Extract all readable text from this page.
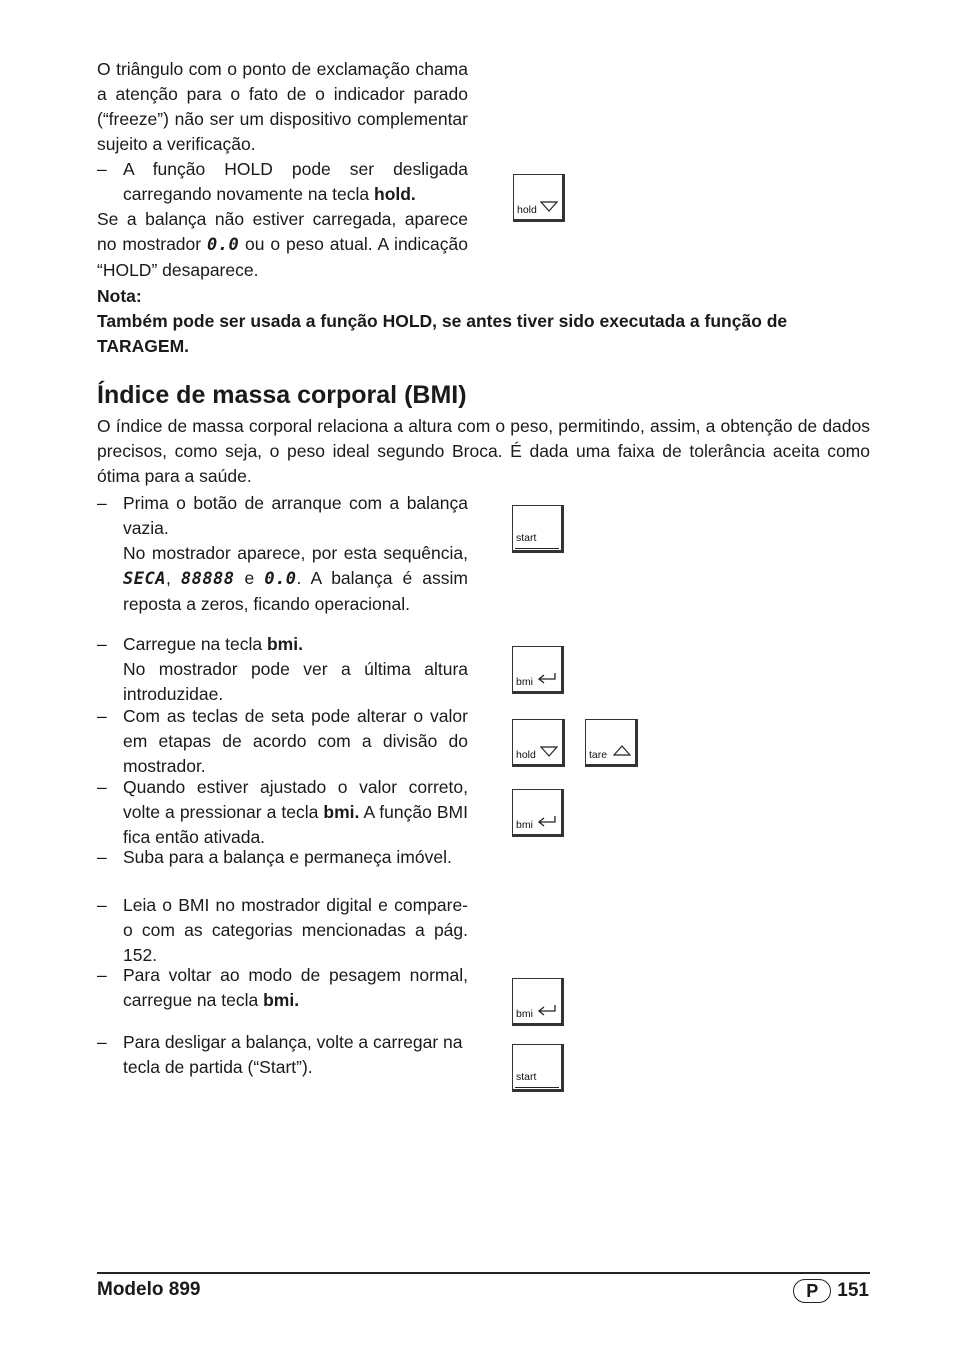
O triângulo com o ponto de exclamação chama a atenção para o fato de o indicador parado (“freeze”) não ser um dispositivo complementar sujeito a verificação.
– A função HOLD pode ser desligada carregando novamente na tecla hold.
Se a balança não estiver carregada, aparece no mostrador 0.0 ou o peso atual. A indicação “HOLD” desaparece.
Nota:
Também pode ser usada a função HOLD, se antes tiver sido executada a função de TARAGEM.
hold
Índice de massa corporal (BMI)
O índice de massa corporal relaciona a altura com o peso, permitindo, assim, a obtenção de dados precisos, como seja, o peso ideal segundo Broca. É dada uma faixa de tolerância aceita como ótima para a saúde.
– Prima o botão de arranque com a balança vazia.
No mostrador aparece, por esta sequência, SECA, 88888 e 0.0. A balança é assim reposta a zeros, ficando operacional.
– Carregue na tecla bmi.
No mostrador pode ver a última altura introduzidae.
– Com as teclas de seta pode alterar o valor em etapas de acordo com a divisão do mostrador.
– Quando estiver ajustado o valor correto, volte a pressionar a tecla bmi. A função BMI fica então ativada.
– Suba para a balança e permaneça imóvel.
– Leia o BMI no mostrador digital e compare-o com as categorias mencionadas a pág. 152.
– Para voltar ao modo de pesagem normal, carregue na tecla bmi.
– Para desligar a balança, volte a carregar na tecla de partida (“Start”).
start
bmi
hold	tare
bmi
bmi
start
Modelo 899	P	151
